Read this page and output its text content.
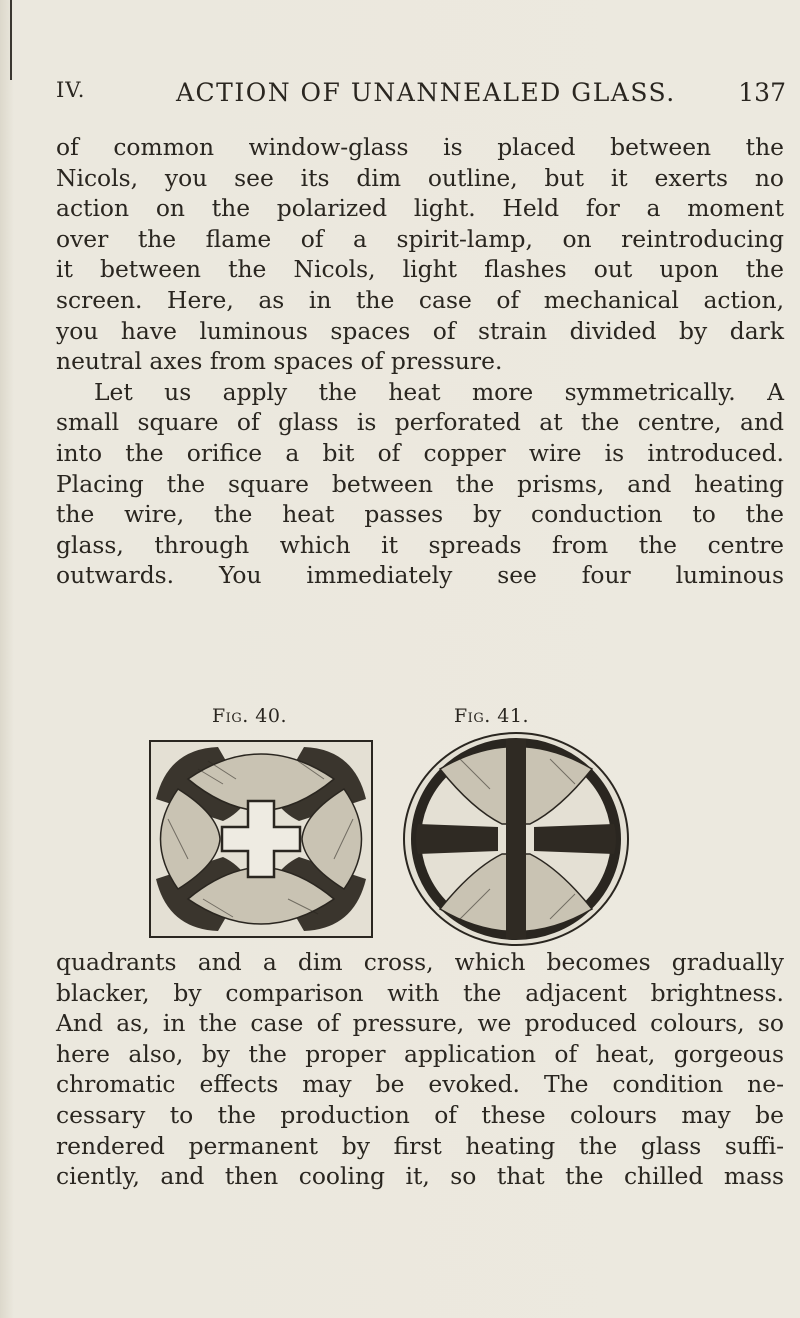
IV.	ACTION OF UNANNEALED GLASS.	137
of common window-glass is placed between the
Nicols, you see its dim outline, but it exerts no
action on the polarized light. Held for a moment
over the flame of a spirit-lamp, on reintroducing
it between the Nicols, light flashes out upon the
screen. Here, as in the case of mechanical action,
you have luminous spaces of strain divided by dark
neutral axes from spaces of pressure.
Let us apply the heat more symmetrically. A
small square of glass is perforated at the centre, and
into the orifice a bit of copper wire is introduced.
Placing the square between the prisms, and heating
the wire, the heat passes by conduction to the
glass, through which it spreads from the centre
outwards. You immediately see four luminous
Fig. 40.	Fig. 41.
quadrants and a dim cross, which becomes gradually
blacker, by comparison with the adjacent brightness.
And as, in the case of pressure, we produced colours, so
here also, by the proper application of heat, gorgeous
chromatic effects may be evoked. The condition ne-
cessary to the production of these colours may be
rendered permanent by first heating the glass suffi-
ciently, and then cooling it, so that the chilled mass
